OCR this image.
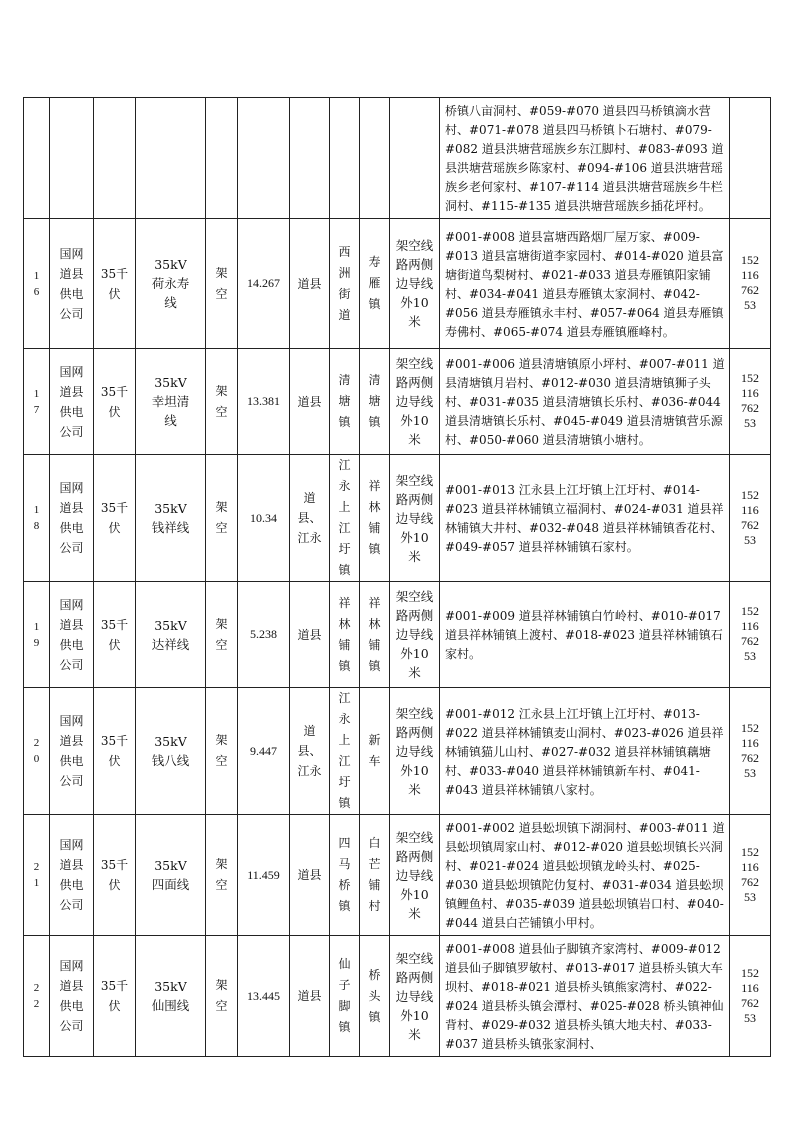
										桥镇八亩洞村、#059-#070 道县四马桥镇滴水营村、#071-#078 道县四马桥镇卜石塘村、#079-#082 道县洪塘营瑶族乡东江脚村、#083-#093 道县洪塘营瑶族乡陈家村、#094-#106 道县洪塘营瑶族乡老何家村、#107-#114 道县洪塘营瑶族乡牛栏洞村、#115-#135 道县洪塘营瑶族乡插花坪村。	
16	国网道县供电公司	35千伏	35kV荷永寿线	架空	14.267	道县	西洲街道	寿雁镇	架空线路两侧边导线外10米	#001-#008 道县富塘西路烟厂屋万家、#009-#013 道县富塘街道李家园村、#014-#020 道县富塘街道鸟梨树村、#021-#033 道县寿雁镇阳家铺村、#034-#041 道县寿雁镇太家洞村、#042-#056 道县寿雁镇永丰村、#057-#064 道县寿雁镇寿佛村、#065-#074 道县寿雁镇雁峰村。	15211676253
17	国网道县供电公司	35千伏	35kV幸坦清线	架空	13.381	道县	清塘镇	清塘镇	架空线路两侧边导线外10米	#001-#006 道县清塘镇原小坪村、#007-#011 道县清塘镇月岩村、#012-#030 道县清塘镇狮子头村、#031-#035 道县清塘镇长乐村、#036-#044 道县清塘镇长乐村、#045-#049 道县清塘镇营乐源村、#050-#060 道县清塘镇小塘村。	15211676253
18	国网道县供电公司	35千伏	35kV钱祥线	架空	10.34	道县、江永	江永上江圩镇	祥林铺镇	架空线路两侧边导线外10米	#001-#013 江永县上江圩镇上江圩村、#014-#023 道县祥林铺镇立福洞村、#024-#031 道县祥林铺镇大井村、#032-#048 道县祥林铺镇香花村、#049-#057 道县祥林铺镇石家村。	15211676253
19	国网道县供电公司	35千伏	35kV达祥线	架空	5.238	道县	祥林铺镇	祥林铺镇	架空线路两侧边导线外10米	#001-#009 道县祥林铺镇白竹岭村、#010-#017 道县祥林铺镇上渡村、#018-#023 道县祥林铺镇石家村。	15211676253
20	国网道县供电公司	35千伏	35kV钱八线	架空	9.447	道县、江永	江永上江圩镇	新车	架空线路两侧边导线外10米	#001-#012 江永县上江圩镇上江圩村、#013-#022 道县祥林铺镇麦山洞村、#023-#026 道县祥林铺镇猫儿山村、#027-#032 道县祥林铺镇藕塘村、#033-#040 道县祥林铺镇新车村、#041-#043 道县祥林铺镇八家村。	15211676253
21	国网道县供电公司	35千伏	35kV四面线	架空	11.459	道县	四马桥镇	白芒铺村	架空线路两侧边导线外10米	#001-#002 道县蚣坝镇下湖洞村、#003-#011 道县蚣坝镇周家山村、#012-#020 道县蚣坝镇长兴洞村、#021-#024 道县蚣坝镇龙岭头村、#025-#030 道县蚣坝镇陀仂复村、#031-#034 道县蚣坝镇鲤鱼村、#035-#039 道县蚣坝镇岩口村、#040-#044 道县白芒铺镇小甲村。	15211676253
22	国网道县供电公司	35千伏	35kV仙围线	架空	13.445	道县	仙子脚镇	桥头镇	架空线路两侧边导线外10米	#001-#008 道县仙子脚镇齐家湾村、#009-#012 道县仙子脚镇罗敏村、#013-#017 道县桥头镇大车坝村、#018-#021 道县桥头镇熊家湾村、#022-#024 道县桥头镇会潭村、#025-#028 桥头镇神仙背村、#029-#032 道县桥头镇大地夫村、#033-#037 道县桥头镇张家洞村、	15211676253
